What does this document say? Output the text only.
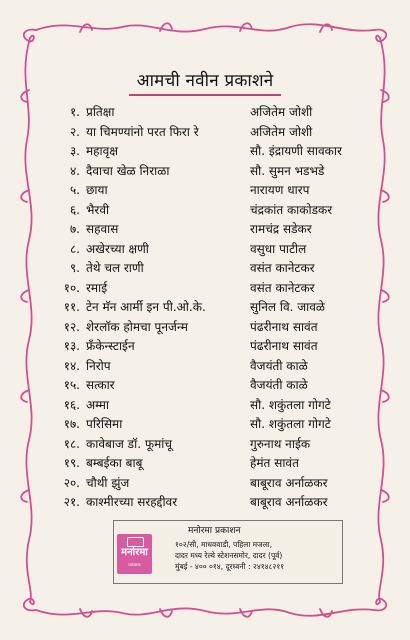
आमची नवीन प्रकाशने
१. प्रतिक्षा	अजितेम जोशी
२. या चिमण्यांनो परत फिरा रे	अजितेम जोशी
३. महावृक्ष	सौ. इंद्रायणी सावकार
४. दैवाचा खेळ निराळा	सौ. सुमन भडभडे
५. छाया	नारायण धारप
६. भैरवी	चंद्रकांत काकोडकर
७. सहवास	रामचंद्र सडेकर
८. अखेरच्या क्षणी	वसुधा पाटील
९. तेथे चल राणी	वसंत कानेटकर
१०. रमाई	वसंत कानेटकर
११. टेन मॅन आर्मी इन पी.ओ.के.	सुनिल वि. जावळे
१२. शेरलॉक होमचा पूनर्जन्म	पंढरीनाथ सावंत
१३. फ्रँकेन्स्टाईन	पंढरीनाथ सावंत
१४. निरोप	वैजयंती काळे
१५. सत्कार	वैजयंती काळे
१६. अम्मा	सौ. शकुंतला गोगटे
१७. परिसिमा	सौ. शकुंतला गोगटे
१८. कावेबाज डॉ. फूमांचू	गुरुनाथ नाईक
१९. बम्बईका बाबू	हेमंत सावंत
२०. चौथी झुंज	बाबूराव अर्नाळकर
२१. काश्मीरच्या सरहद्दीवर	बाबूराव अर्नाळकर
मनोरमा
प्रकाशक
मनोरमा प्रकाशन
१०२/सी, माधववाडी, पहिला मजला,
दादर मध्य रेल्वे स्टेशनसमोर, दादर (पूर्व)
मुंबई - ४०० ०१४, दूरध्वनी : २४१४८२११
